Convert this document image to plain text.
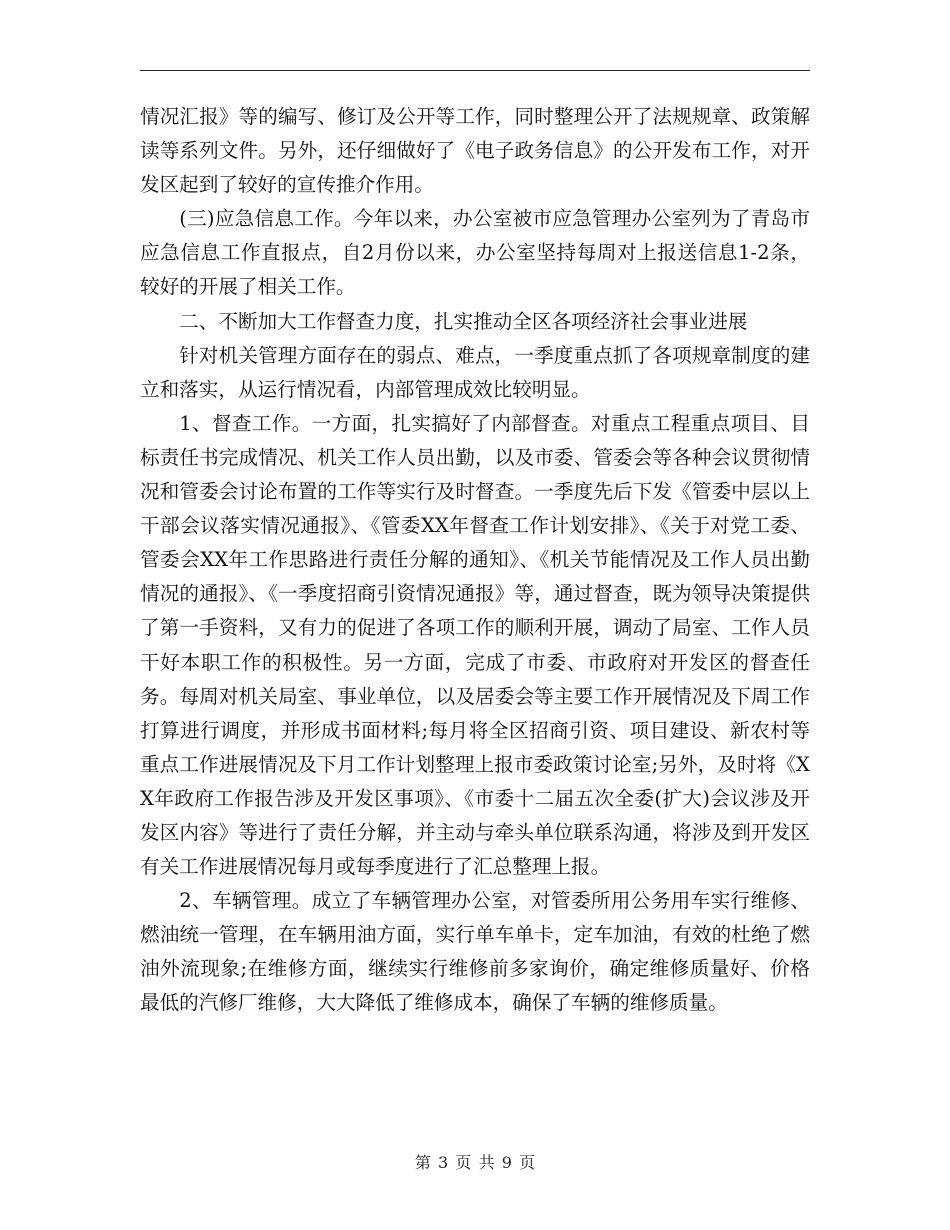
情况汇报》等的编写、修订及公开等工作，同时整理公开了法规规章、政策解读等系列文件。另外，还仔细做好了《电子政务信息》的公开发布工作，对开发区起到了较好的宣传推介作用。

(三)应急信息工作。今年以来，办公室被市应急管理办公室列为了青岛市应急信息工作直报点，自2月份以来，办公室坚持每周对上报送信息1-2条，较好的开展了相关工作。

二、不断加大工作督查力度，扎实推动全区各项经济社会事业进展

针对机关管理方面存在的弱点、难点，一季度重点抓了各项规章制度的建立和落实，从运行情况看，内部管理成效比较明显。

1、督查工作。一方面，扎实搞好了内部督查。对重点工程重点项目、目标责任书完成情况、机关工作人员出勤，以及市委、管委会等各种会议贯彻情况和管委会讨论布置的工作等实行及时督查。一季度先后下发《管委中层以上干部会议落实情况通报》、《管委XX年督查工作计划安排》、《关于对党工委、管委会XX年工作思路进行责任分解的通知》、《机关节能情况及工作人员出勤情况的通报》、《一季度招商引资情况通报》等，通过督查，既为领导决策提供了第一手资料，又有力的促进了各项工作的顺利开展，调动了局室、工作人员干好本职工作的积极性。另一方面，完成了市委、市政府对开发区的督查任务。每周对机关局室、事业单位，以及居委会等主要工作开展情况及下周工作打算进行调度，并形成书面材料;每月将全区招商引资、项目建设、新农村等重点工作进展情况及下月工作计划整理上报市委政策讨论室;另外，及时将《XX年政府工作报告涉及开发区事项》、《市委十二届五次全委(扩大)会议涉及开发区内容》等进行了责任分解，并主动与牵头单位联系沟通，将涉及到开发区有关工作进展情况每月或每季度进行了汇总整理上报。

2、车辆管理。成立了车辆管理办公室，对管委所用公务用车实行维修、燃油统一管理，在车辆用油方面，实行单车单卡，定车加油，有效的杜绝了燃油外流现象;在维修方面，继续实行维修前多家询价，确定维修质量好、价格最低的汽修厂维修，大大降低了维修成本，确保了车辆的维修质量。

第 3 页 共 9 页
